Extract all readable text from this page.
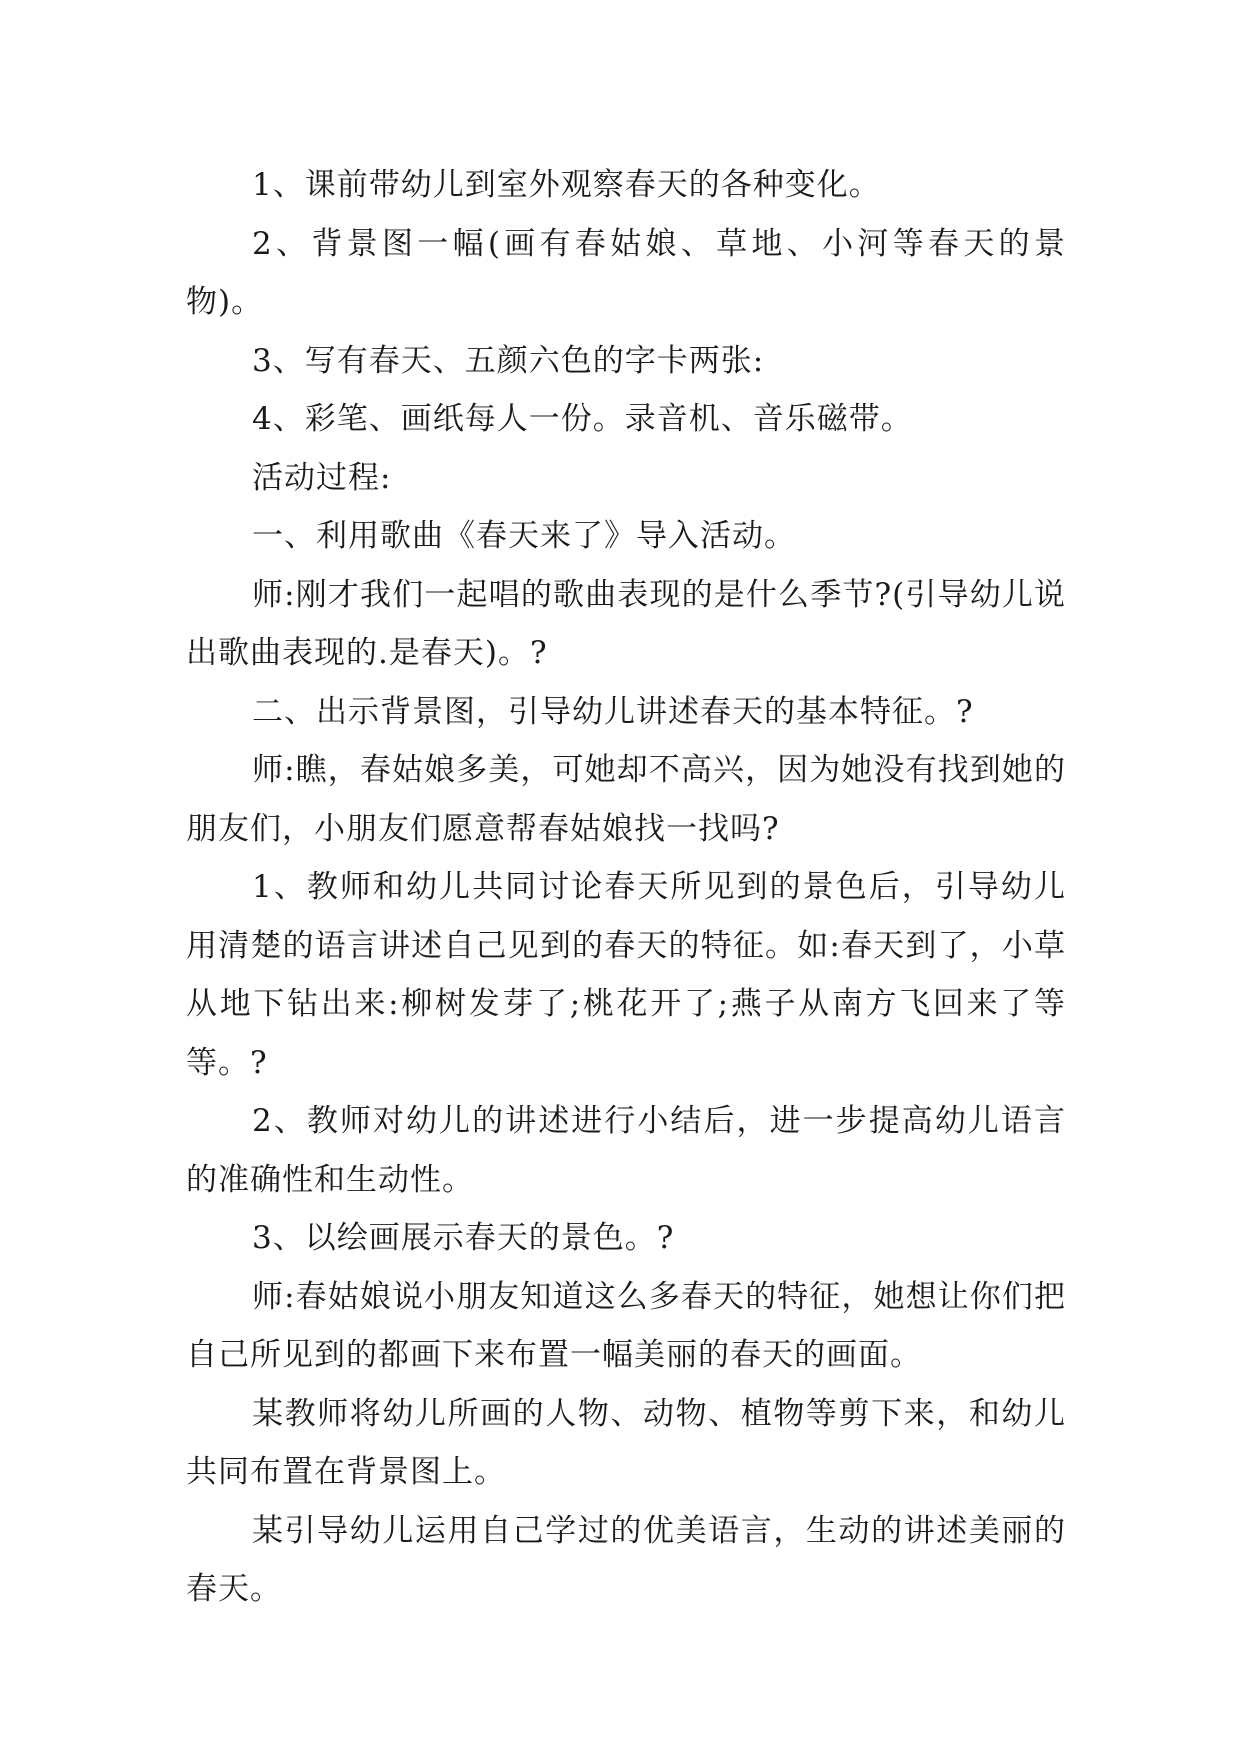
1、课前带幼儿到室外观察春天的各种变化。

2、背景图一幅(画有春姑娘、草地、小河等春天的景物)。

3、写有春天、五颜六色的字卡两张:

4、彩笔、画纸每人一份。录音机、音乐磁带。

活动过程:

一、利用歌曲《春天来了》导入活动。

师:刚才我们一起唱的歌曲表现的是什么季节?(引导幼儿说出歌曲表现的.是春天)。?

二、出示背景图，引导幼儿讲述春天的基本特征。?

师:瞧，春姑娘多美，可她却不高兴，因为她没有找到她的朋友们，小朋友们愿意帮春姑娘找一找吗?

1、教师和幼儿共同讨论春天所见到的景色后，引导幼儿用清楚的语言讲述自己见到的春天的特征。如:春天到了，小草从地下钻出来:柳树发芽了;桃花开了;燕子从南方飞回来了等等。?

2、教师对幼儿的讲述进行小结后，进一步提高幼儿语言的准确性和生动性。

3、以绘画展示春天的景色。?

师:春姑娘说小朋友知道这么多春天的特征，她想让你们把自己所见到的都画下来布置一幅美丽的春天的画面。

某教师将幼儿所画的人物、动物、植物等剪下来，和幼儿共同布置在背景图上。

某引导幼儿运用自己学过的优美语言，生动的讲述美丽的春天。
